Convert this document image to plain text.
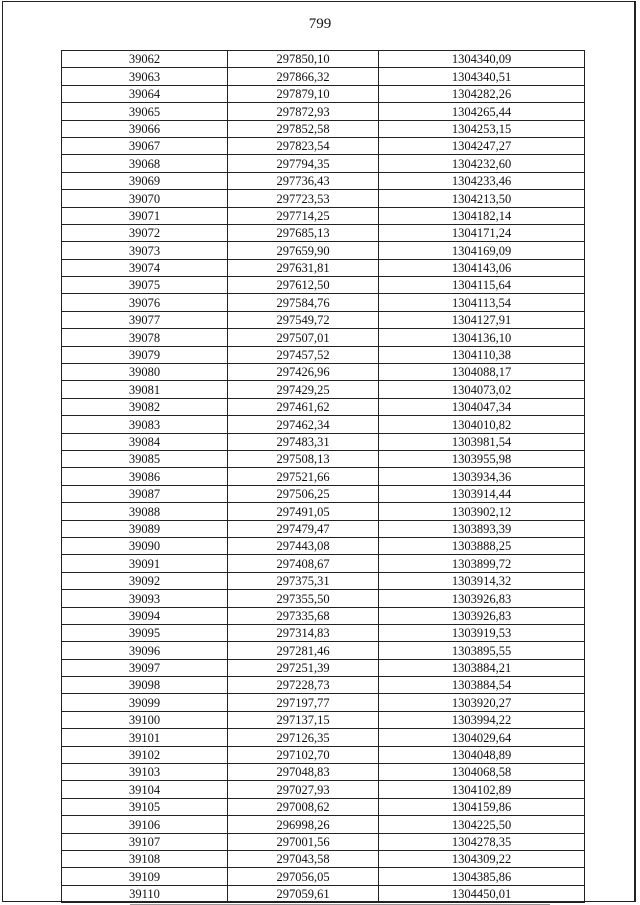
799
39062	297850,10	1304340,09
39063	297866,32	1304340,51
39064	297879,10	1304282,26
39065	297872,93	1304265,44
39066	297852,58	1304253,15
39067	297823,54	1304247,27
39068	297794,35	1304232,60
39069	297736,43	1304233,46
39070	297723,53	1304213,50
39071	297714,25	1304182,14
39072	297685,13	1304171,24
39073	297659,90	1304169,09
39074	297631,81	1304143,06
39075	297612,50	1304115,64
39076	297584,76	1304113,54
39077	297549,72	1304127,91
39078	297507,01	1304136,10
39079	297457,52	1304110,38
39080	297426,96	1304088,17
39081	297429,25	1304073,02
39082	297461,62	1304047,34
39083	297462,34	1304010,82
39084	297483,31	1303981,54
39085	297508,13	1303955,98
39086	297521,66	1303934,36
39087	297506,25	1303914,44
39088	297491,05	1303902,12
39089	297479,47	1303893,39
39090	297443,08	1303888,25
39091	297408,67	1303899,72
39092	297375,31	1303914,32
39093	297355,50	1303926,83
39094	297335,68	1303926,83
39095	297314,83	1303919,53
39096	297281,46	1303895,55
39097	297251,39	1303884,21
39098	297228,73	1303884,54
39099	297197,77	1303920,27
39100	297137,15	1303994,22
39101	297126,35	1304029,64
39102	297102,70	1304048,89
39103	297048,83	1304068,58
39104	297027,93	1304102,89
39105	297008,62	1304159,86
39106	296998,26	1304225,50
39107	297001,56	1304278,35
39108	297043,58	1304309,22
39109	297056,05	1304385,86
39110	297059,61	1304450,01
